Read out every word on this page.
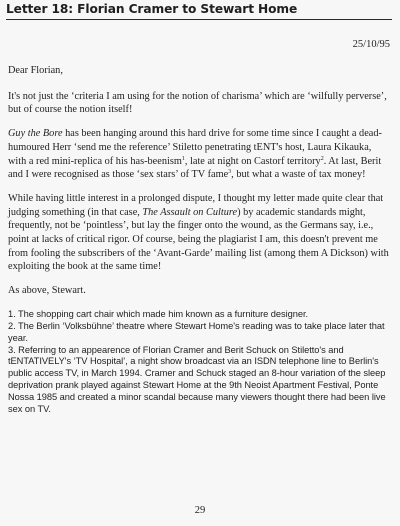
Letter 18: Florian Cramer to Stewart Home
25/10/95

Dear Florian,

It's not just the ‘criteria I am using for the notion of charisma’ which are ‘wilfully perverse’, but of course the notion itself!

Guy the Bore has been hanging around this hard drive for some time since I caught a dead-humoured Herr ‘send me the reference’ Stiletto penetrating tENT's host, Laura Kikauka, with a red mini-replica of his has-beenism$^1$, late at night on Castorf territory$^2$. At last, Berit and I were recognised as those ‘sex stars’ of TV fame$^3$, but what a waste of tax money!

While having little interest in a prolonged dispute, I thought my letter made quite clear that judging something (in that case, The Assault on Culture) by academic standards might, frequently, not be ‘pointless’, but lay the finger onto the wound, as the Germans say, i.e., point at lacks of critical rigor. Of course, being the plagiarist I am, this doesn't prevent me from fooling the subscribers of the ‘Avant-Garde’ mailing list (among them A Dickson) with exploiting the book at the same time!

As above, Stewart.

1. The shopping cart chair which made him known as a furniture designer.

2. The Berlin ‘Volksbühne’ theatre where Stewart Home's reading was to take place later that year.

3. Referring to an appearence of Florian Cramer and Berit Schuck on Stiletto's and tENTATIVELY's ‘TV Hospital’, a night show broadcast via an ISDN telephone line to Berlin's public access TV, in March 1994. Cramer and Schuck staged an 8-hour variation of the sleep deprivation prank played against Stewart Home at the 9th Neoist Apartment Festival, Ponte Nossa 1985 and created a minor scandal because many viewers thought there had been live sex on TV.

29
